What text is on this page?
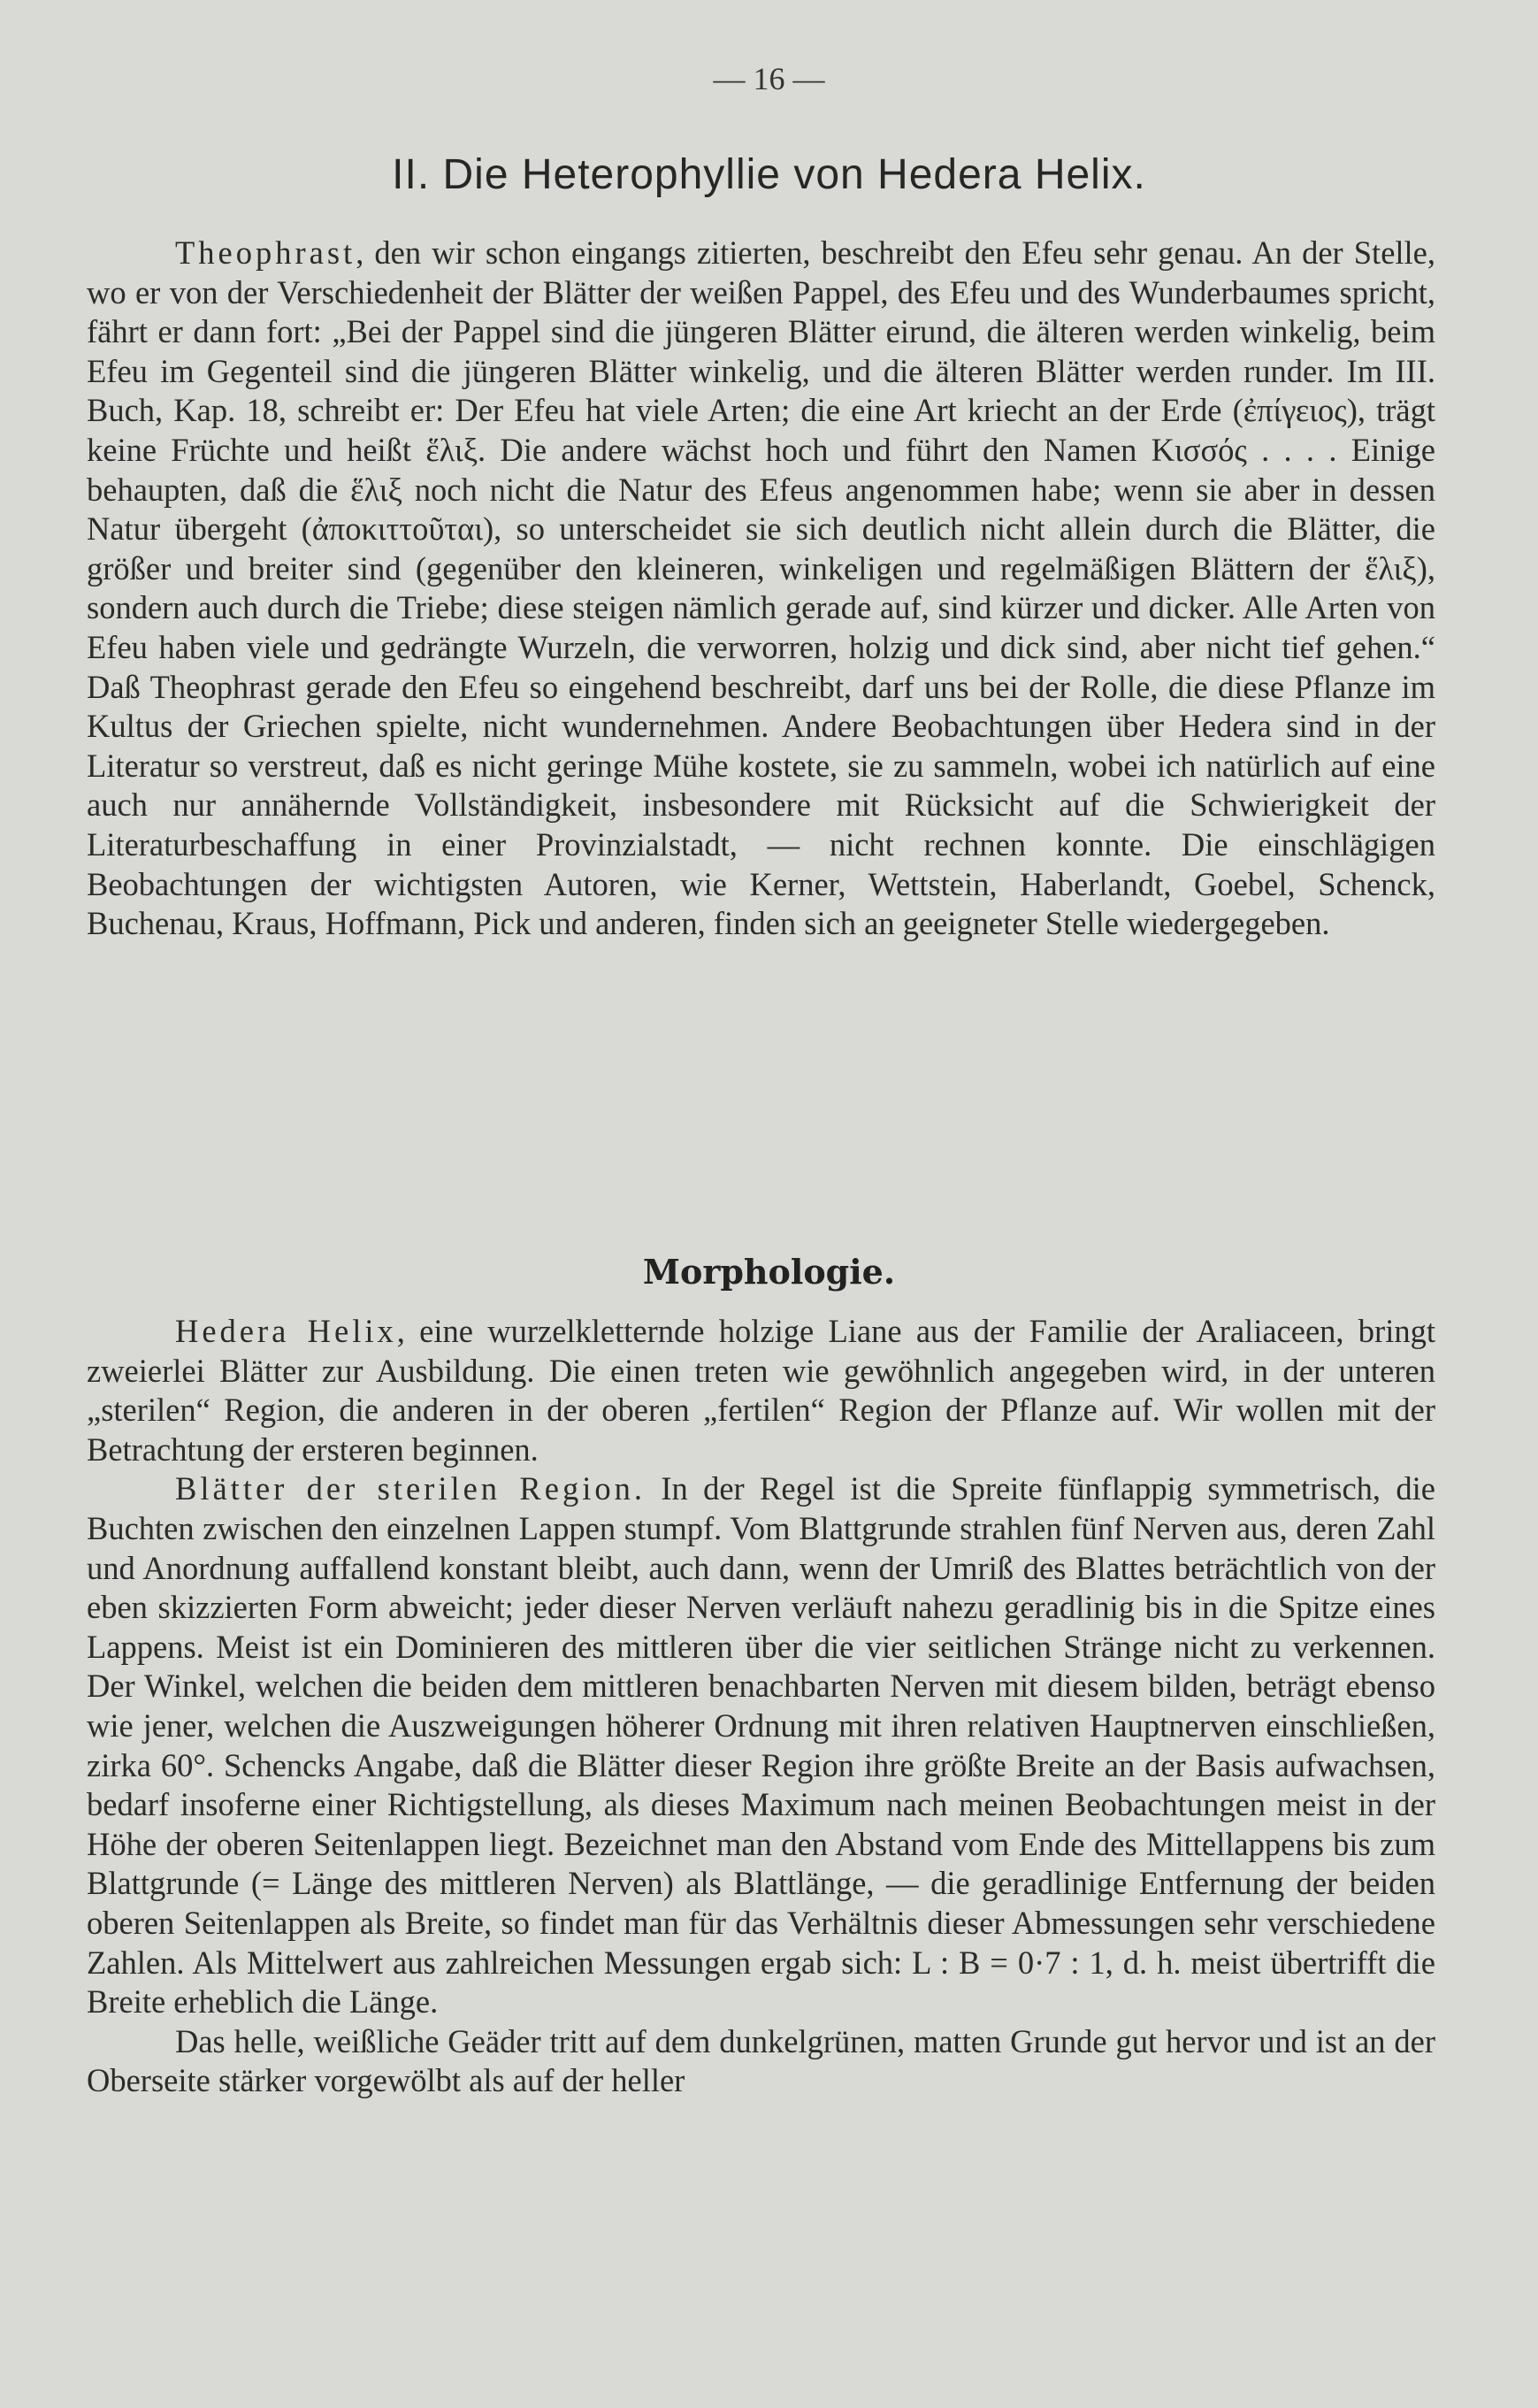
— 16 —
II. Die Heterophyllie von Hedera Helix.

Theophrast, den wir schon eingangs zitierten, beschreibt den Efeu sehr genau. An der Stelle, wo er von der Verschiedenheit der Blätter der weißen Pappel, des Efeu und des Wunderbaumes spricht, fährt er dann fort: „Bei der Pappel sind die jüngeren Blätter eirund, die älteren werden winkelig, beim Efeu im Gegenteil sind die jüngeren Blätter winkelig, und die älteren Blätter werden runder. Im III. Buch, Kap. 18, schreibt er: Der Efeu hat viele Arten; die eine Art kriecht an der Erde (ἐπίγειος), trägt keine Früchte und heißt ἕλιξ. Die andere wächst hoch und führt den Namen Κισσός . . . . Einige behaupten, daß die ἕλιξ noch nicht die Natur des Efeus angenommen habe; wenn sie aber in dessen Natur übergeht (ἀποκιττοῦται), so unterscheidet sie sich deutlich nicht allein durch die Blätter, die größer und breiter sind (gegenüber den kleineren, winkeligen und regelmäßigen Blättern der ἕλιξ), sondern auch durch die Triebe; diese steigen nämlich gerade auf, sind kürzer und dicker. Alle Arten von Efeu haben viele und gedrängte Wurzeln, die verworren, holzig und dick sind, aber nicht tief gehen.“ Daß Theophrast gerade den Efeu so eingehend beschreibt, darf uns bei der Rolle, die diese Pflanze im Kultus der Griechen spielte, nicht wundernehmen. Andere Beobachtungen über Hedera sind in der Literatur so verstreut, daß es nicht geringe Mühe kostete, sie zu sammeln, wobei ich natürlich auf eine auch nur annähernde Vollständigkeit, insbesondere mit Rücksicht auf die Schwierigkeit der Literaturbeschaffung in einer Provinzialstadt, — nicht rechnen konnte. Die einschlägigen Beobachtungen der wichtigsten Autoren, wie Kerner, Wettstein, Haberlandt, Goebel, Schenck, Buchenau, Kraus, Hoffmann, Pick und anderen, finden sich an geeigneter Stelle wiedergegeben.

Morphologie.

Hedera Helix, eine wurzelkletternde holzige Liane aus der Familie der Araliaceen, bringt zweierlei Blätter zur Ausbildung. Die einen treten wie gewöhnlich angegeben wird, in der unteren „sterilen“ Region, die anderen in der oberen „fertilen“ Region der Pflanze auf. Wir wollen mit der Betrachtung der ersteren beginnen.

Blätter der sterilen Region. In der Regel ist die Spreite fünflappig symmetrisch, die Buchten zwischen den einzelnen Lappen stumpf. Vom Blattgrunde strahlen fünf Nerven aus, deren Zahl und Anordnung auffallend konstant bleibt, auch dann, wenn der Umriß des Blattes beträchtlich von der eben skizzierten Form abweicht; jeder dieser Nerven verläuft nahezu geradlinig bis in die Spitze eines Lappens. Meist ist ein Dominieren des mittleren über die vier seitlichen Stränge nicht zu verkennen. Der Winkel, welchen die beiden dem mittleren benachbarten Nerven mit diesem bilden, beträgt ebenso wie jener, welchen die Auszweigungen höherer Ordnung mit ihren relativen Hauptnerven einschließen, zirka 60°. Schencks Angabe, daß die Blätter dieser Region ihre größte Breite an der Basis aufwachsen, bedarf insoferne einer Richtigstellung, als dieses Maximum nach meinen Beobachtungen meist in der Höhe der oberen Seitenlappen liegt. Bezeichnet man den Abstand vom Ende des Mittellappens bis zum Blattgrunde (= Länge des mittleren Nerven) als Blattlänge, — die geradlinige Entfernung der beiden oberen Seitenlappen als Breite, so findet man für das Verhältnis dieser Abmessungen sehr verschiedene Zahlen. Als Mittelwert aus zahlreichen Messungen ergab sich: L : B = 0·7 : 1, d. h. meist übertrifft die Breite erheblich die Länge.

Das helle, weißliche Geäder tritt auf dem dunkelgrünen, matten Grunde gut hervor und ist an der Oberseite stärker vorgewölbt als auf der heller
